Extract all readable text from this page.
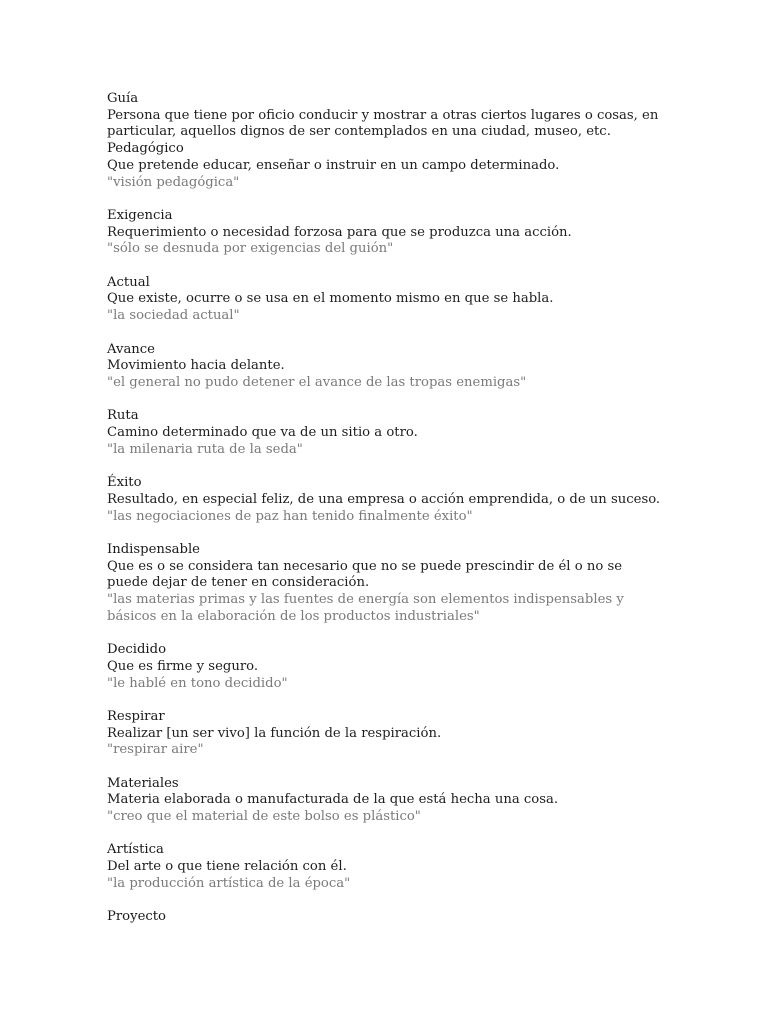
Guía
Persona que tiene por oficio conducir y mostrar a otras ciertos lugares o cosas, en particular, aquellos dignos de ser contemplados en una ciudad, museo, etc.
Pedagógico
Que pretende educar, enseñar o instruir en un campo determinado.
"visión pedagógica"
Exigencia
Requerimiento o necesidad forzosa para que se produzca una acción.
"sólo se desnuda por exigencias del guión"
Actual
Que existe, ocurre o se usa en el momento mismo en que se habla.
"la sociedad actual"
Avance
Movimiento hacia delante.
"el general no pudo detener el avance de las tropas enemigas"
Ruta
Camino determinado que va de un sitio a otro.
"la milenaria ruta de la seda"
Éxito
Resultado, en especial feliz, de una empresa o acción emprendida, o de un suceso.
"las negociaciones de paz han tenido finalmente éxito"
Indispensable
Que es o se considera tan necesario que no se puede prescindir de él o no se puede dejar de tener en consideración.
"las materias primas y las fuentes de energía son elementos indispensables y básicos en la elaboración de los productos industriales"
Decidido
Que es firme y seguro.
"le hablé en tono decidido"
Respirar
Realizar [un ser vivo] la función de la respiración.
"respirar aire"
Materiales
Materia elaborada o manufacturada de la que está hecha una cosa.
"creo que el material de este bolso es plástico"
Artística
Del arte o que tiene relación con él.
"la producción artística de la época"
Proyecto
